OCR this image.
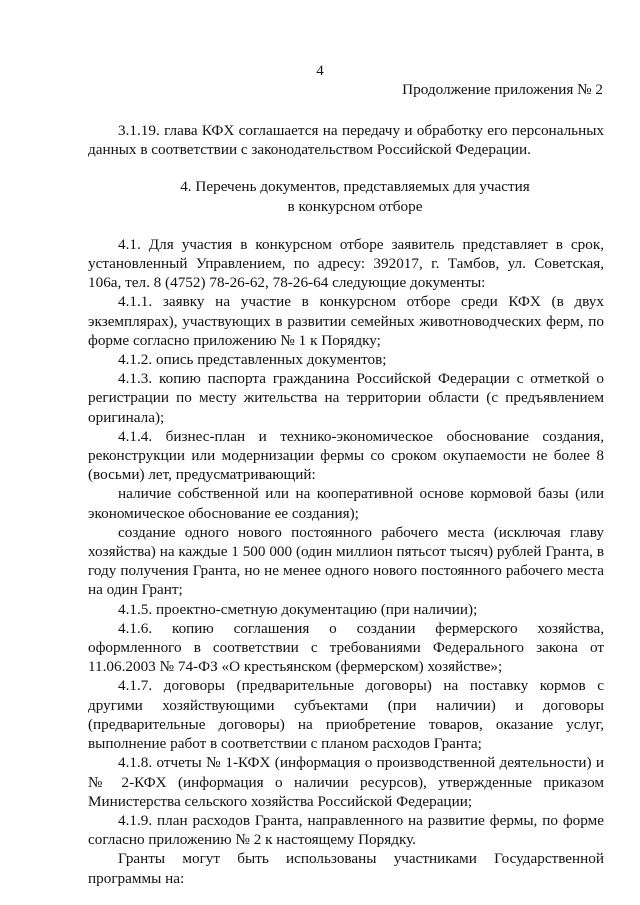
4
Продолжение приложения № 2

3.1.19. глава КФХ соглашается на передачу и обработку его персональных данных в соответствии с законодательством Российской Федерации.

4. Перечень документов, представляемых для участия

в конкурсном отборе

4.1. Для участия в конкурсном отборе заявитель представляет в срок, установленный Управлением, по адресу: 392017, г. Тамбов, ул. Советская, 106а, тел. 8 (4752) 78-26-62, 78-26-64 следующие документы:

4.1.1. заявку на участие в конкурсном отборе среди КФХ (в двух экземплярах), участвующих в развитии семейных животноводческих ферм, по форме согласно приложению № 1 к Порядку;

4.1.2. опись представленных документов;

4.1.3. копию паспорта гражданина Российской Федерации с отметкой о регистрации по месту жительства на территории области (с предъявлением оригинала);

4.1.4. бизнес-план и технико-экономическое обоснование создания, реконструкции или модернизации фермы со сроком окупаемости не более 8 (восьми) лет, предусматривающий:

наличие собственной или на кооперативной основе кормовой базы (или экономическое обоснование ее создания);

создание одного нового постоянного рабочего места (исключая главу хозяйства) на каждые 1 500 000 (один миллион пятьсот тысяч) рублей Гранта, в году получения Гранта, но не менее одного нового постоянного рабочего места на один Грант;

4.1.5. проектно-сметную документацию (при наличии);

4.1.6. копию соглашения о создании фермерского хозяйства, оформленного в соответствии с требованиями Федерального закона от 11.06.2003 № 74-ФЗ «О крестьянском (фермерском) хозяйстве»;

4.1.7. договоры (предварительные договоры) на поставку кормов с другими хозяйствующими субъектами (при наличии) и договоры (предварительные договоры) на приобретение товаров, оказание услуг, выполнение работ в соответствии с планом расходов Гранта;

4.1.8. отчеты № 1-КФХ (информация о производственной деятельности) и № 2-КФХ (информация о наличии ресурсов), утвержденные приказом Министерства сельского хозяйства Российской Федерации;

4.1.9. план расходов Гранта, направленного на развитие фермы, по форме согласно приложению № 2 к настоящему Порядку.

Гранты могут быть использованы участниками Государственной программы на:
